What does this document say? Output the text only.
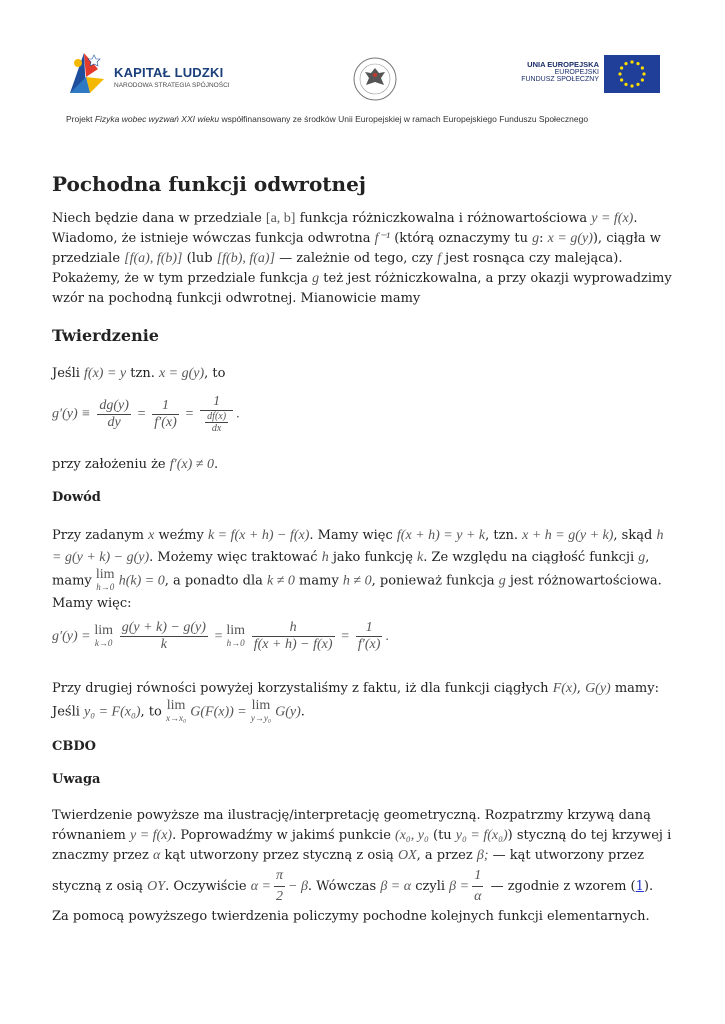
KAPITAŁ LUDZKI
NARODOWA STRATEGIA SPÓJNOŚCI
UNIA EUROPEJSKA
EUROPEJSKI
FUNDUSZ SPOŁECZNY
Projekt Fizyka wobec wyzwań XXI wieku współfinansowany ze środków Unii Europejskiej w ramach Europejskiego Funduszu Społecznego
Pochodna funkcji odwrotnej
Niech będzie dana w przedziale [a, b] funkcja różniczkowalna i różnowartościowa y = f(x). Wiadomo, że istnieje wówczas funkcja odwrotna f⁻¹ (którą oznaczymy tu g: x = g(y)), ciągła w przedziale [f(a), f(b)] (lub [f(b), f(a)] — zależnie od tego, czy f jest rosnąca czy malejąca). Pokażemy, że w tym przedziale funkcja g też jest różniczkowalna, a przy okazji wyprowadzimy wzór na pochodną funkcji odwrotnej. Mianowicie mamy
Twierdzenie
Jeśli f(x) = y tzn. x = g(y), to
$g'(y) \equiv \frac{dg(y)}{dy} = \frac{1}{f'(x)} = \frac{1}{\frac{df(x)}{dx}}$ .
przy założeniu że f′(x) ≠ 0.
Dowód
Przy zadanym x weźmy k = f(x + h) − f(x). Mamy więc f(x + h) = y + k, tzn. x + h = g(y + k), skąd h = g(y + k) − g(y). Możemy więc traktować h jako funkcję k. Ze względu na ciągłość funkcji g, mamy lim
h→0 h(k) = 0, a ponadto dla k ≠ 0 mamy h ≠ 0, ponieważ funkcja g jest różnowartościowa. Mamy więc:
g′(y) = lim
k→0
$\frac{g(y + k) - g(y)}{k} = \lim$
h→0
$\frac{h}{f(x + h) - f(x)} = \frac{1}{f'(x)}$ .
Przy drugiej równości powyżej korzystaliśmy z faktu, iż dla funkcji ciągłych F(x), G(y) mamy: Jeśli y₀ = F(x₀), to lim
x→x₀ G(F(x)) = lim
y→y₀ G(y).
CBDO
Uwaga
Twierdzenie powyższe ma ilustrację/interpretację geometryczną. Rozpatrzmy krzywą daną równaniem y = f(x). Poprowadźmy w jakimś punkcie (x₀, y₀ (tu y₀ = f(x₀)) styczną do tej krzywej i znaczmy przez α kąt utworzony przez styczną z osią OX, a przez β; — kąt utworzony przez styczną z osią OY. Oczywiście $\alpha = \frac{\pi}{2} - \beta$. Wówczas β = α czyli $\beta = \frac{1}{\alpha}$ — zgodnie z wzorem (1). Za pomocą powyższego twierdzenia policzymy pochodne kolejnych funkcji elementarnych.
